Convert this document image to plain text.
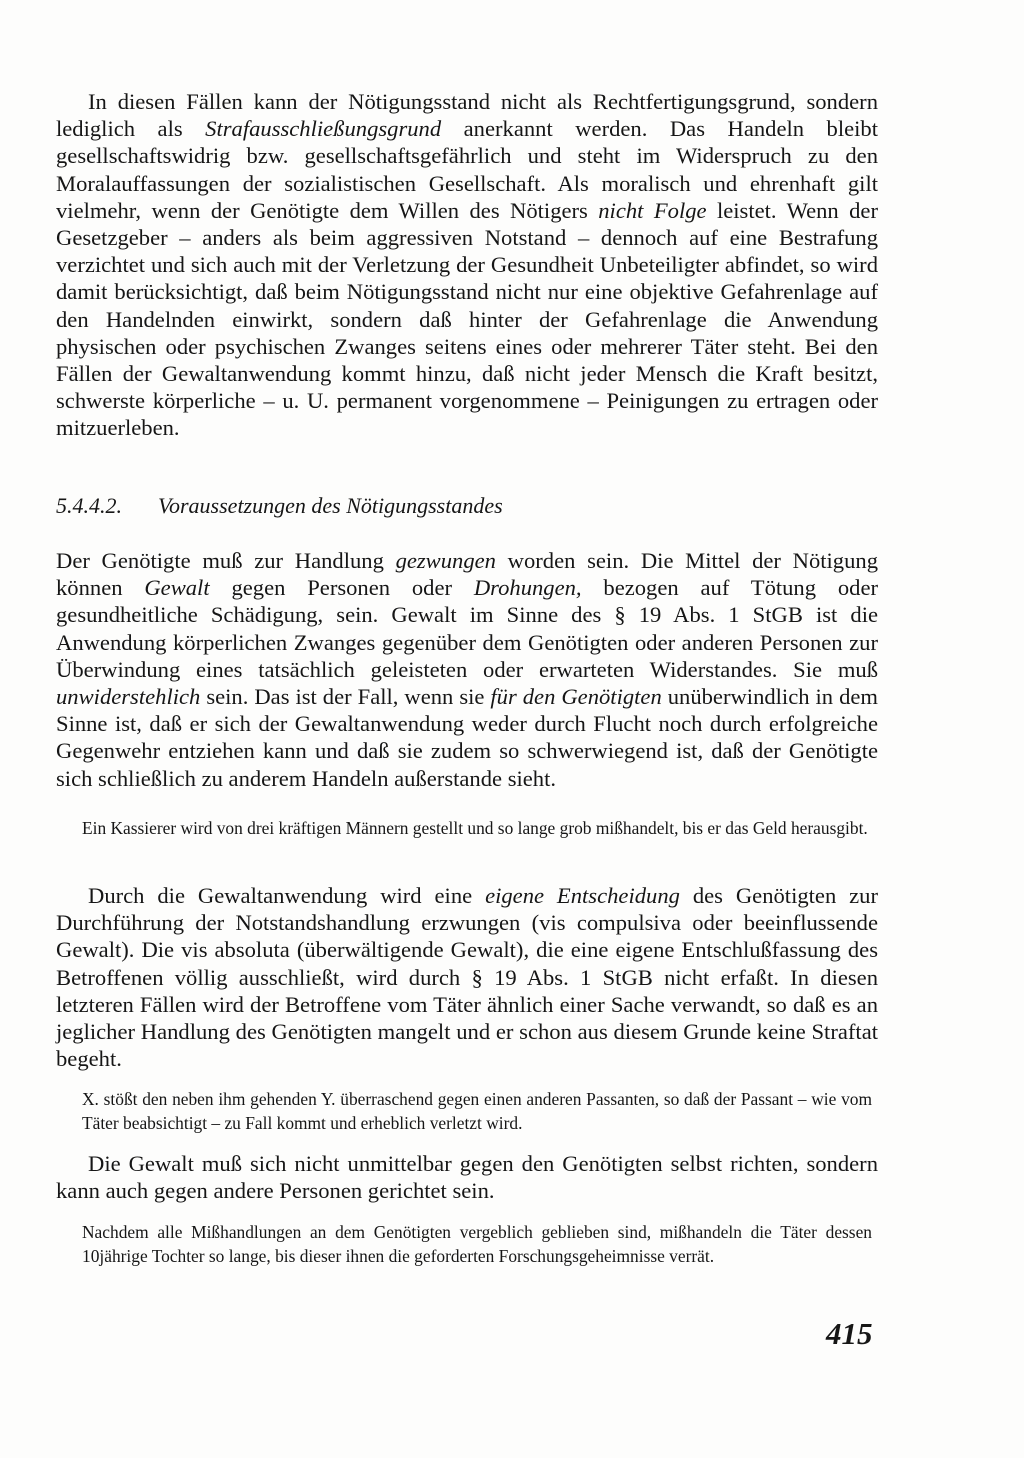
In diesen Fällen kann der Nötigungsstand nicht als Rechtfertigungsgrund, sondern lediglich als Strafausschließungsgrund anerkannt werden. Das Handeln bleibt gesellschaftswidrig bzw. gesellschaftsgefährlich und steht im Widerspruch zu den Moralauffassungen der sozialistischen Gesellschaft. Als moralisch und ehrenhaft gilt vielmehr, wenn der Genötigte dem Willen des Nötigers nicht Folge leistet. Wenn der Gesetzgeber – anders als beim aggressiven Notstand – dennoch auf eine Bestrafung verzichtet und sich auch mit der Verletzung der Gesundheit Unbeteiligter abfindet, so wird damit berücksichtigt, daß beim Nötigungsstand nicht nur eine objektive Gefahrenlage auf den Handelnden einwirkt, sondern daß hinter der Gefahrenlage die Anwendung physischen oder psychischen Zwanges seitens eines oder mehrerer Täter steht. Bei den Fällen der Gewaltanwendung kommt hinzu, daß nicht jeder Mensch die Kraft besitzt, schwerste körperliche – u. U. permanent vorgenommene – Peinigungen zu ertragen oder mitzuerleben.

5.4.4.2. Voraussetzungen des Nötigungsstandes

Der Genötigte muß zur Handlung gezwungen worden sein. Die Mittel der Nötigung können Gewalt gegen Personen oder Drohungen, bezogen auf Tötung oder gesundheitliche Schädigung, sein. Gewalt im Sinne des § 19 Abs. 1 StGB ist die Anwendung körperlichen Zwanges gegenüber dem Genötigten oder anderen Personen zur Überwindung eines tatsächlich geleisteten oder erwarteten Widerstandes. Sie muß unwiderstehlich sein. Das ist der Fall, wenn sie für den Genötigten unüberwindlich in dem Sinne ist, daß er sich der Gewaltanwendung weder durch Flucht noch durch erfolgreiche Gegenwehr entziehen kann und daß sie zudem so schwerwiegend ist, daß der Genötigte sich schließlich zu anderem Handeln außerstande sieht.

Ein Kassierer wird von drei kräftigen Männern gestellt und so lange grob mißhandelt, bis er das Geld herausgibt.

Durch die Gewaltanwendung wird eine eigene Entscheidung des Genötigten zur Durchführung der Notstandshandlung erzwungen (vis compulsiva oder beeinflussende Gewalt). Die vis absoluta (überwältigende Gewalt), die eine eigene Entschlußfassung des Betroffenen völlig ausschließt, wird durch § 19 Abs. 1 StGB nicht erfaßt. In diesen letzteren Fällen wird der Betroffene vom Täter ähnlich einer Sache verwandt, so daß es an jeglicher Handlung des Genötigten mangelt und er schon aus diesem Grunde keine Straftat begeht.

X. stößt den neben ihm gehenden Y. überraschend gegen einen anderen Passanten, so daß der Passant – wie vom Täter beabsichtigt – zu Fall kommt und erheblich verletzt wird.

Die Gewalt muß sich nicht unmittelbar gegen den Genötigten selbst richten, sondern kann auch gegen andere Personen gerichtet sein.

Nachdem alle Mißhandlungen an dem Genötigten vergeblich geblieben sind, mißhandeln die Täter dessen 10jährige Tochter so lange, bis dieser ihnen die geforderten Forschungsgeheimnisse verrät.
415
